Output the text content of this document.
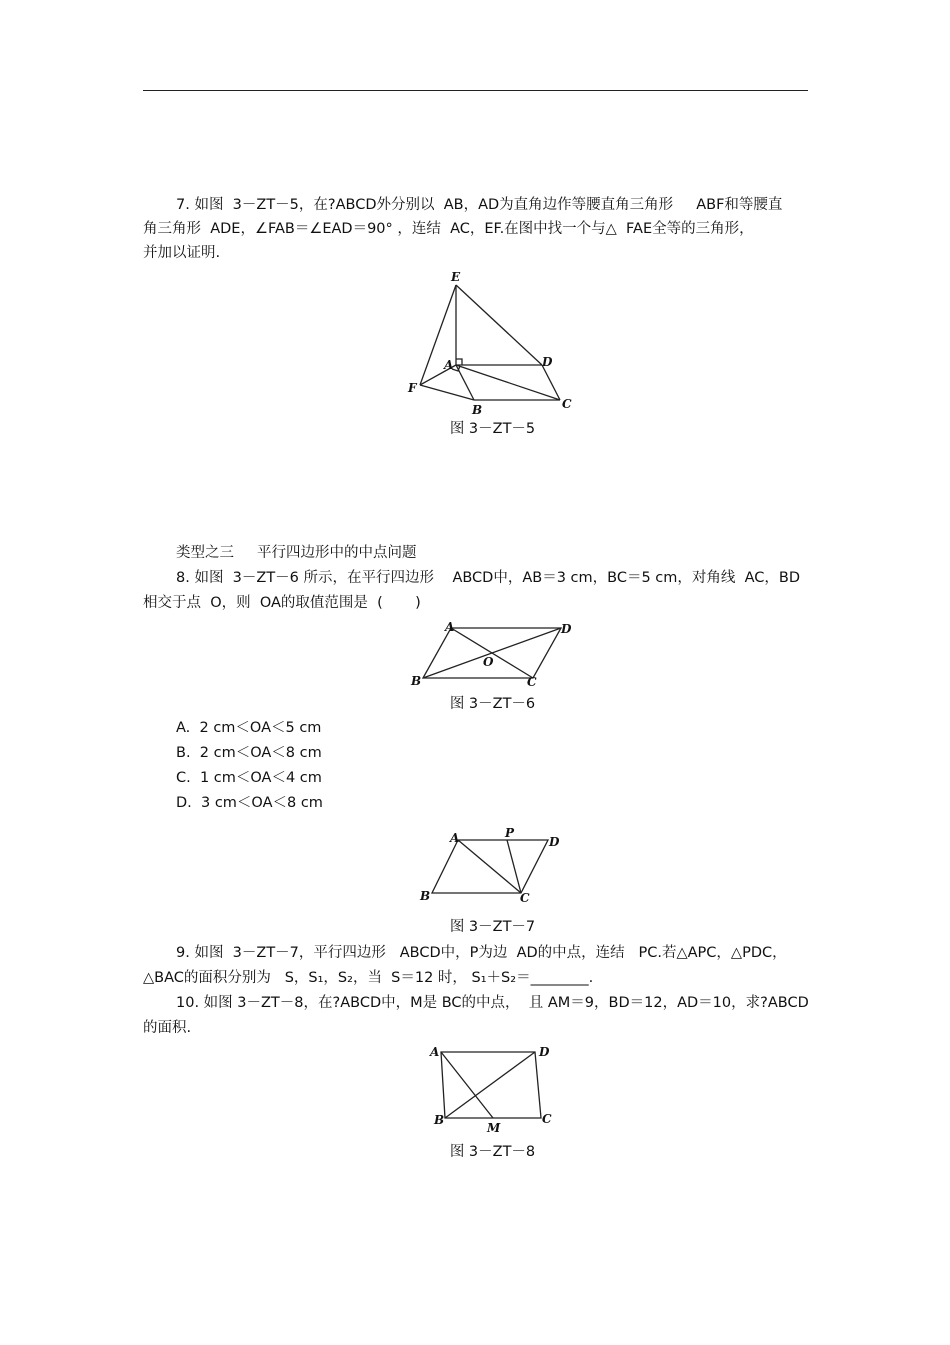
7. 如图  3－ZT－5，在?ABCD外分别以  AB，AD为直角边作等腰直角三角形     ABF和等腰直
角三角形  ADE，∠FAB＝∠EAD＝90° ，连结  AC，EF.在图中找一个与△  FAE全等的三角形，
并加以证明.
E
A	D
F
B	C
图 3－ZT－5
类型之三     平行四边形中的中点问题
8. 如图  3－ZT－6 所示，在平行四边形    ABCD中，AB＝3 cm，BC＝5 cm，对角线  AC，BD
相交于点  O，则  OA的取值范围是  (       )
A	D
O
B	C
图 3－ZT－6
A.  2 cm＜OA＜5 cm
B.  2 cm＜OA＜8 cm
C.  1 cm＜OA＜4 cm
D.  3 cm＜OA＜8 cm
A	P
D
B	C
图 3－ZT－7
9. 如图  3－ZT－7，平行四边形   ABCD中，P为边  AD的中点，连结   PC.若△APC，△PDC，
△BAC的面积分别为   S，S₁，S₂，当  S＝12 时， S₁＋S₂＝________.
10. 如图 3－ZT－8，在?ABCD中，M是 BC的中点，  且 AM＝9，BD＝12，AD＝10，求?ABCD
的面积.
A	D
B
M
C
图 3－ZT－8
